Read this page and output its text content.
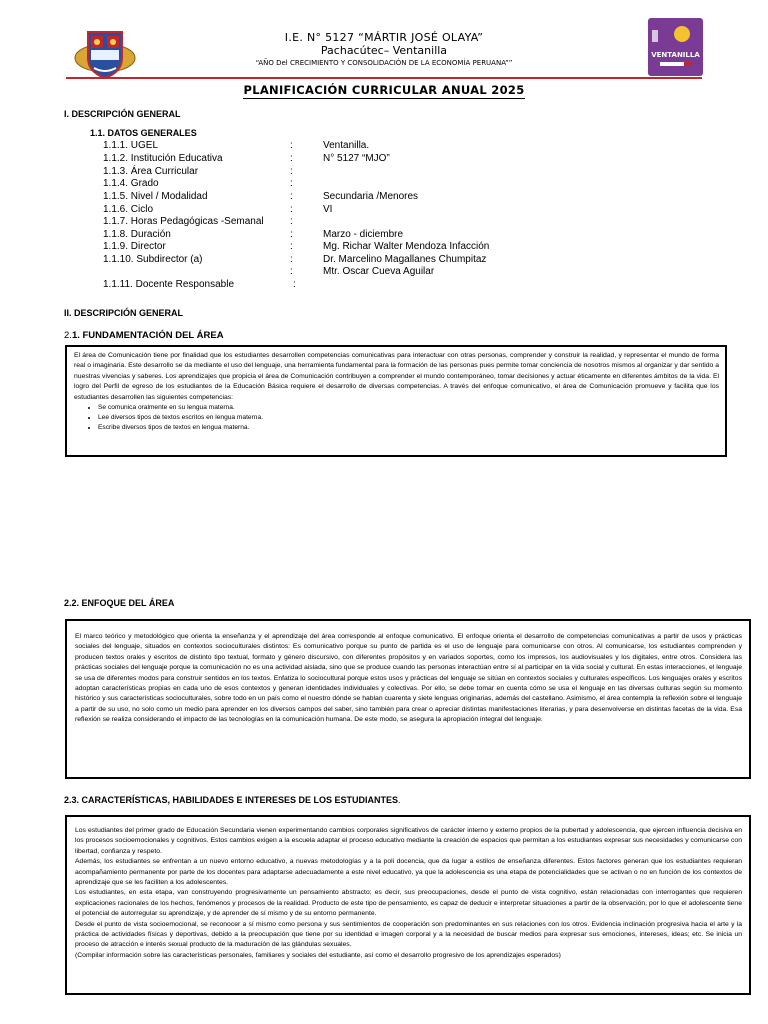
I.E. N° 5127 “MÁRTIR JOSÉ OLAYA”
Pachacútec– Ventanilla
“AÑO Del CRECIMIENTO Y CONSOLIDACIÓN DE LA ECONOMÍA PERUANA””
VENTANILLA
PLANIFICACIÓN CURRICULAR ANUAL 2025
I. DESCRIPCIÓN GENERAL
1.1. DATOS GENERALES
1.1.1. UGEL	:	Ventanilla.
1.1.2. Institución Educativa	:	N° 5127 “MJO”
1.1.3. Área Curricular	:
1.1.4. Grado	:
1.1.5. Nivel / Modalidad	:	Secundaria /Menores
1.1.6. Ciclo	:	VI
1.1.7. Horas Pedagógicas -Semanal	:
1.1.8. Duración	:	Marzo - diciembre
1.1.9. Director	:	Mg. Richar Walter Mendoza Infacción
1.1.10. Subdirector (a)	:	Dr. Marcelino Magallanes Chumpitaz
:	Mtr. Oscar Cueva Aguilar
1.1.11. Docente Responsable	:
II. DESCRIPCIÓN GENERAL
2.1. FUNDAMENTACIÓN DEL ÁREA

El área de Comunicación tiene por finalidad que los estudiantes desarrollen competencias comunicativas para interactuar con otras personas, comprender y construir la realidad, y representar el mundo de forma real o imaginaria. Este desarrollo se da mediante el uso del lenguaje, una herramienta fundamental para la formación de las personas pues permite tomar conciencia de nosotros mismos al organizar y dar sentido a nuestras vivencias y saberes. Los aprendizajes que propicia el área de Comunicación contribuyen a comprender el mundo contemporáneo, tomar decisiones y actuar éticamente en diferentes ámbitos de la vida. El logro del Perfil de egreso de los estudiantes de la Educación Básica requiere el desarrollo de diversas competencias. A través del enfoque comunicativo, el área de Comunicación promueve y facilita que los estudiantes desarrollen las siguientes competencias:

• Se comunica oralmente en su lengua materna.
• Lee diversos tipos de textos escritos en lengua materna.
• Escribe diversos tipos de textos en lengua materna.
2.2. ENFOQUE DEL ÁREA

El marco teórico y metodológico que orienta la enseñanza y el aprendizaje del área corresponde al enfoque comunicativo. El enfoque orienta el desarrollo de competencias comunicativas a partir de usos y prácticas sociales del lenguaje, situados en contextos socioculturales distintos: Es comunicativo porque su punto de partida es el uso de lenguaje para comunicarse con otros. Al comunicarse, los estudiantes comprenden y producen textos orales y escritos de distinto tipo textual, formato y género discursivo, con diferentes propósitos y en variados soportes, como los impresos, los audiovisuales y los digitales, entre otros. Considera las prácticas sociales del lenguaje porque la comunicación no es una actividad aislada, sino que se produce cuando las personas interactúan entre sí al participar en la vida social y cultural. En estas interacciones, el lenguaje se usa de diferentes modos para construir sentidos en los textos. Enfatiza lo sociocultural porque estos usos y prácticas del lenguaje se sitúan en contextos sociales y culturales específicos. Los lenguajes orales y escritos adoptan características propias en cada uno de esos contextos y generan identidades individuales y colectivas. Por ello, se debe tomar en cuenta cómo se usa el lenguaje en las diversas culturas según su momento histórico y sus características socioculturales, sobre todo en un país como el nuestro dónde se hablan cuarenta y siete lenguas originarias, además del castellano. Asimismo, el área contempla la reflexión sobre el lenguaje a partir de su uso, no solo como un medio para aprender en los diversos campos del saber, sino también para crear o apreciar distintas manifestaciones literarias, y para desenvolverse en distintas facetas de la vida. Esa reflexión se realiza considerando el impacto de las tecnologías en la comunicación humana. De este modo, se asegura la apropiación integral del lenguaje.

2.3. CARACTERÍSTICAS, HABILIDADES E INTERESES DE LOS ESTUDIANTES.

Los estudiantes del primer grado de Educación Secundaria vienen experimentando cambios corporales significativos de carácter interno y externo propios de la pubertad y adolescencia, que ejercen influencia decisiva en los procesos socioemocionales y cognitivos. Estos cambios exigen a la escuela adaptar el proceso educativo mediante la creación de espacios que permitan a los estudiantes expresar sus necesidades y comunicarse con libertad, confianza y respeto.

Además, los estudiantes se enfrentan a un nuevo entorno educativo, a nuevas metodologías y a la poli docencia, que da lugar a estilos de enseñanza diferentes. Estos factores generan que los estudiantes requieran acompañamiento permanente por parte de los docentes para adaptarse adecuadamente a este nivel educativo, ya que la adolescencia es una etapa de potencialidades que se activan o no en función de los contextos de aprendizaje que se les faciliten a los adolescentes.

Los estudiantes, en esta etapa, van construyendo progresivamente un pensamiento abstracto; es decir, sus preocupaciones, desde el punto de vista cognitivo, están relacionadas con interrogantes que requieren explicaciones racionales de los hechos, fenómenos y procesos de la realidad. Producto de este tipo de pensamiento, es capaz de deducir e interpretar situaciones a partir de la observación, por lo que el adolescente tiene el potencial de autorregular su aprendizaje, y de aprender de sí mismo y de su entorno permanente.

Desde el punto de vista socioemocional, se reconocer a sí mismo como persona y sus sentimientos de cooperación son predominantes en sus relaciones con los otros. Evidencia inclinación progresiva hacia el arte y la práctica de actividades físicas y deportivas, debido a la preocupación que tiene por su identidad e imagen corporal y a la necesidad de buscar medios para expresar sus emociones, intereses, ideas; etc. Se inicia un proceso de atracción e interés sexual producto de la maduración de las glándulas sexuales.

(Compilar información sobre las características personales, familiares y sociales del estudiante, así como el desarrollo progresivo de los aprendizajes esperados)
